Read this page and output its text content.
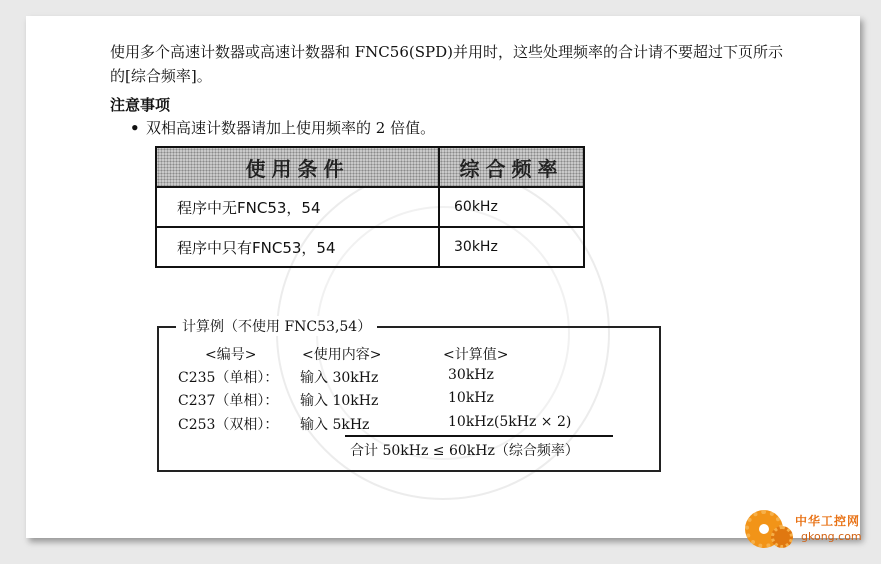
使用多个高速计数器或高速计数器和 FNC56(SPD)并用时，这些处理频率的合计请不要超过下页所示
的[综合频率]。
注意事项
• 双相高速计数器请加上使用频率的 2 倍值。
使用条件	综合频率
程序中无FNC53，54	60kHz
程序中只有FNC53，54	30kHz
计算例（不使用 FNC53,54）
<编号>	<使用内容>	<计算值>
C235（单相）： 输入 30kHz	30kHz
C237（单相）： 输入 10kHz	10kHz
C253（双相）： 输入 5kHz	10kHz(5kHz × 2)
合计 50kHz ≤ 60kHz（综合频率）
中华工控网
gkong.com
